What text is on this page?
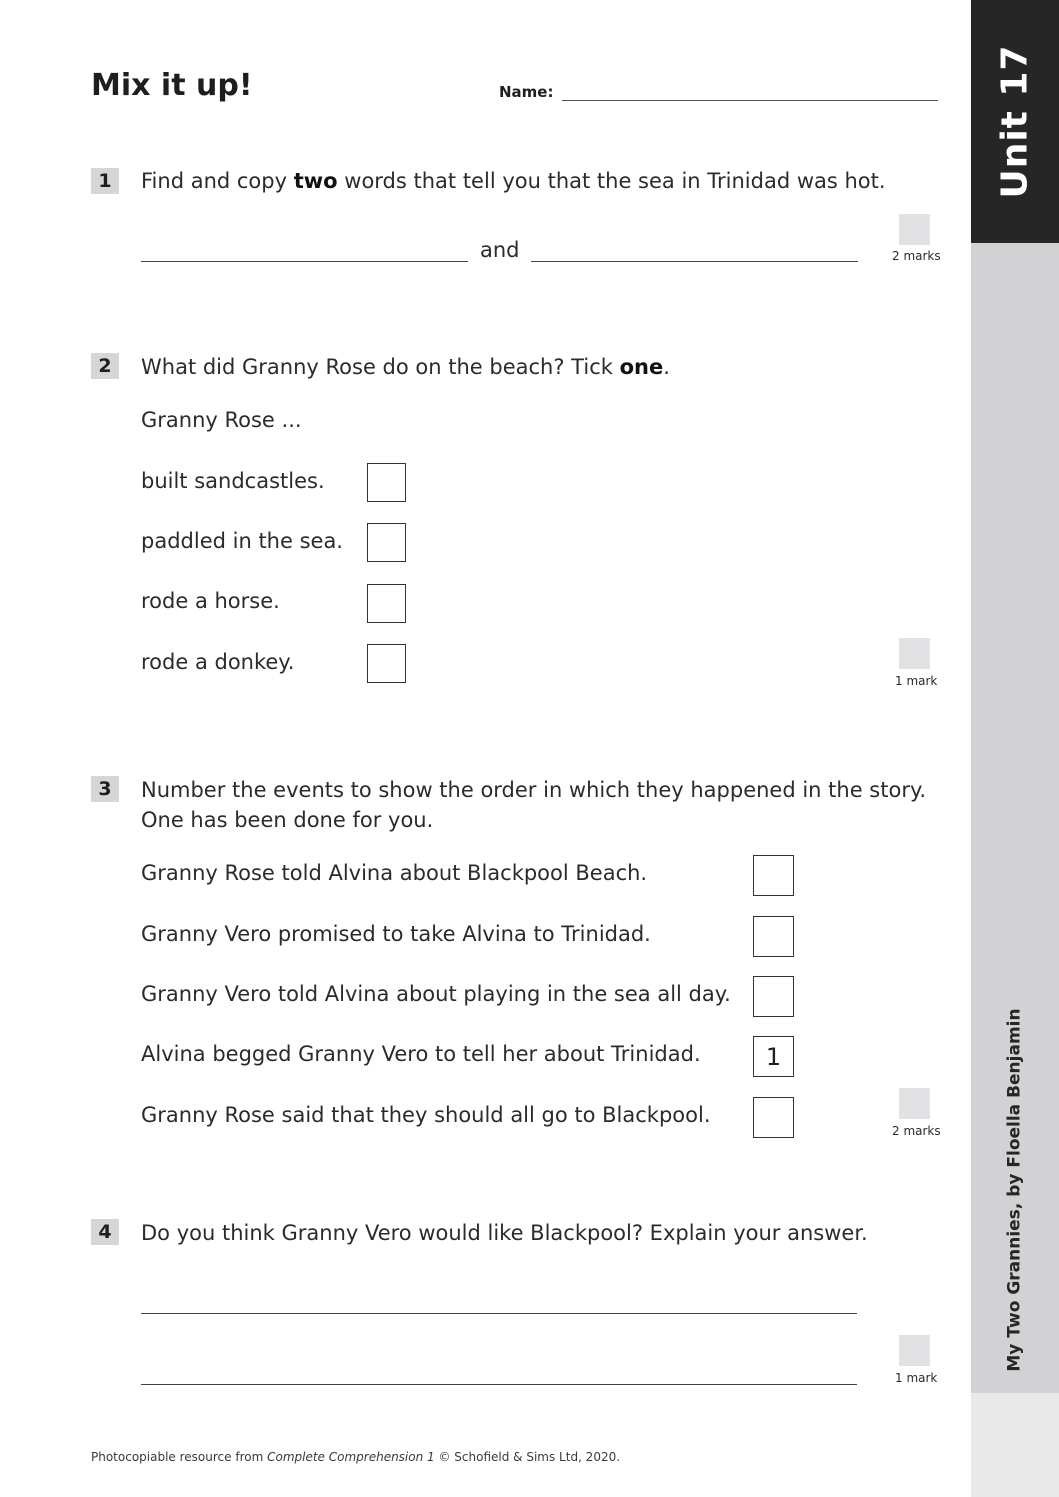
Unit 17
My Two Grannies, by Floella Benjamin
Mix it up!	Name:
1	Find and copy two words that tell you that the sea in Trinidad was hot.
and	2 marks
2	What did Granny Rose do on the beach? Tick one.
Granny Rose ...
built sandcastles.
paddled in the sea.
rode a horse.
rode a donkey.
1 mark
3	Number the events to show the order in which they happened in the story.
One has been done for you.
Granny Rose told Alvina about Blackpool Beach.
Granny Vero promised to take Alvina to Trinidad.
Granny Vero told Alvina about playing in the sea all day.
Alvina begged Granny Vero to tell her about Trinidad.	1
Granny Rose said that they should all go to Blackpool.
2 marks
4	Do you think Granny Vero would like Blackpool? Explain your answer.
1 mark
Photocopiable resource from Complete Comprehension 1 © Schofield & Sims Ltd, 2020.
